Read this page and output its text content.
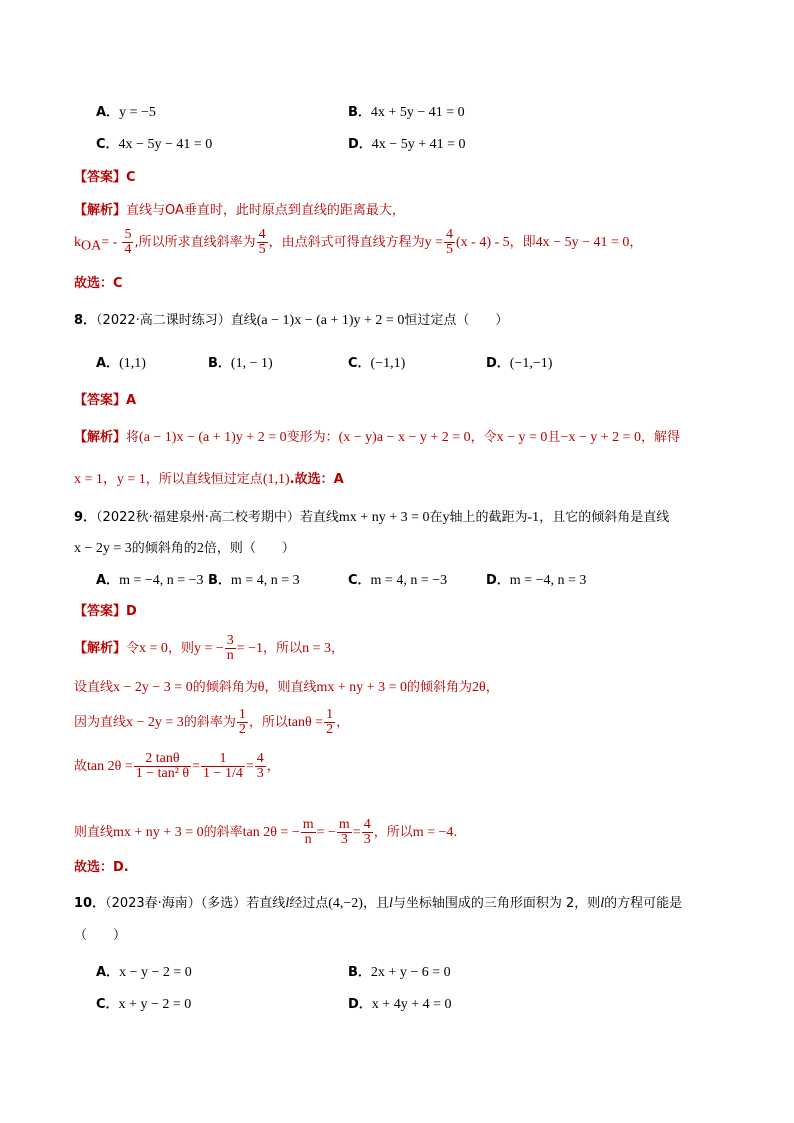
A．y = −5	B．4x + 5y − 41 = 0
C．4x − 5y − 41 = 0	D．4x − 5y + 41 = 0
【答案】C
【解析】直线与OA垂直时，此时原点到直线的距离最大，
$k_{OA}= - \frac{5}{4}$ ,所以所求直线斜率为 $\frac{4}{5}$ ，由点斜式可得直线方程为$y = \frac{4}{5} (x - 4) - 5$，即4x − 5y − 41 = 0，
故选：C
8．（2022·高二课时练习）直线(a − 1)x − (a + 1)y + 2 = 0恒过定点（　　）
A．(1,1)	B．(1, − 1)	C．(−1,1)	D．(−1,−1)
【答案】A
【解析】将(a − 1)x − (a + 1)y + 2 = 0变形为：(x − y)a − x − y + 2 = 0，令x − y = 0且−x − y + 2 = 0，解得
x = 1，y = 1，所以直线恒过定点(1,1).故选：A
9．（2022秋·福建泉州·高二校考期中）若直线mx + ny + 3 = 0在y轴上的截距为-1，且它的倾斜角是直线
x − 2y = 3的倾斜角的2倍，则（　　）
A．m = −4, n = −3 B．m = 4, n = 3	C．m = 4, n = −3	D．m = −4, n = 3
【答案】D
【解析】令x = 0，则y = − $\frac{3}{n} = -1$，所以n = 3，
设直线x − 2y − 3 = 0的倾斜角为θ，则直线mx + ny + 3 = 0的倾斜角为2θ，
因为直线x − 2y = 3的斜率为 $\frac{1}{2}$ ，所以$\tan\theta = \frac{1}{2}$ ，
故$\tan 2\theta = \frac{2 \tan\theta}{\text{1 − tan² θ}} = \frac{1}{1 - 1/4} = \frac{4}{3}$ ，
则直线mx + ny + 3 = 0的斜率tan 2θ = − $\frac{m}{n}$ = − $\frac{m}{3} = \frac{4}{3}$ ，所以m = −4.
故选：D.
10．（2023春·海南）（多选）若直线l经过点(4,−2)，且l与坐标轴围成的三角形面积为 2，则l的方程可能是
（　　）
A．x − y − 2 = 0	B．2x + y − 6 = 0
C．x + y − 2 = 0	D．x + 4y + 4 = 0
